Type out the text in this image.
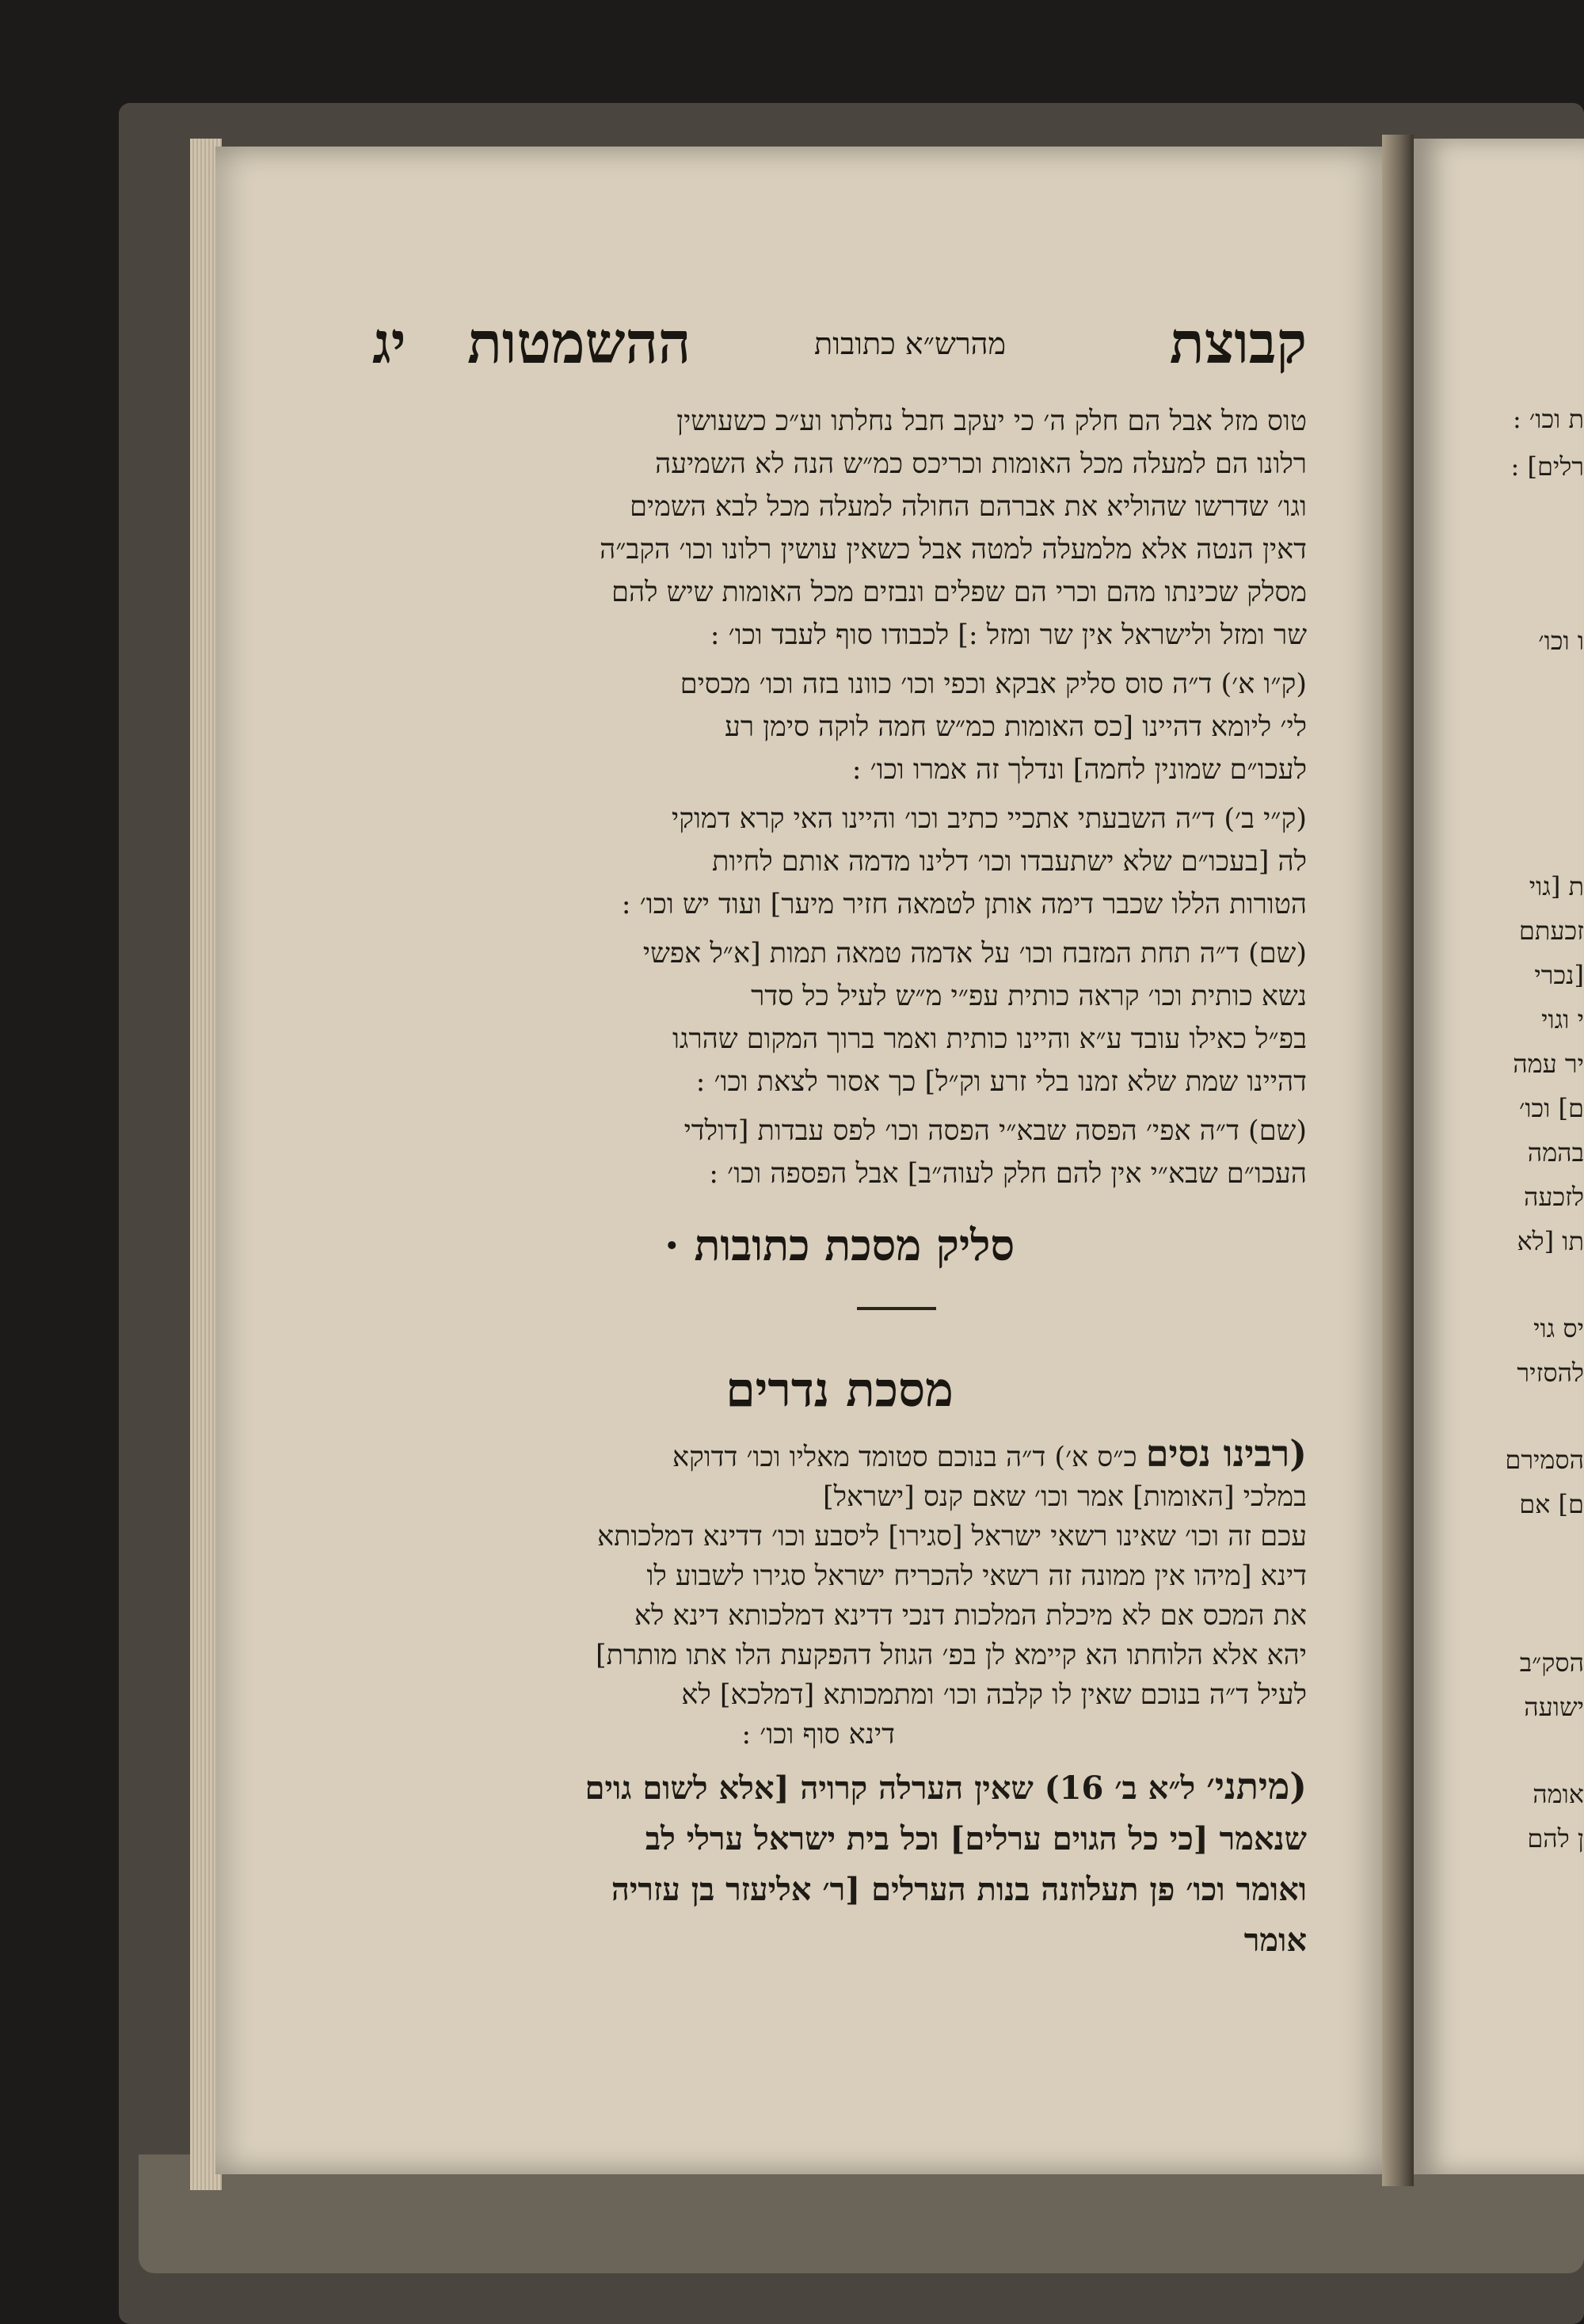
קבוצת
מהרש״א כתובות
ההשמטות
יג
טוס מזל אבל הם חלק ה׳ כי יעקב חבל נחלתו וע״כ כשעושין
רלונו הם למעלה מכל האומות וכריכס כמ״ש הנה לא השמיעה
וגו׳ שדרשו שהוליא את אברהם החולה למעלה מכל לבא השמים
דאין הנטה אלא מלמעלה למטה אבל כשאין עושין רלונו וכו׳ הקב״ה
מסלק שכינתו מהם וכרי הם שפלים ונבזים מכל האומות שיש להם
שר ומזל ולישראל אין שר ומזל :] לכבודו סוף לעבד וכו׳ :
(ק״ו א׳) ד״ה סוס סליק אבקא וכפי וכו׳ כוונו בזה וכו׳ מכסים
לי׳ ליומא דהיינו [כס האומות כמ״ש חמה לוקה סימן רע
לעכו״ם שמונין לחמה] ונדלך זה אמרו וכו׳ :
(ק״י ב׳) ד״ה השבעתי אתכיי כתיב וכו׳ והיינו האי קרא דמוקי
לה [בעכו״ם שלא ישתעבדו וכו׳ דלינו מדמה אותם לחיות
הטורות הללו שכבר דימה אותן לטמאה חזיר מיער] ועוד יש וכו׳ :
(שם) ד״ה תחת המזבח וכו׳ על אדמה טמאה תמות [א״ל אפשי
נשא כותית וכו׳ קראה כותית עפ״י מ״ש לעיל כל סדר
בפ״ל כאילו עובד ע״א והיינו כותית ואמר ברוך המקום שהרגו
דהיינו שמת שלא זמנו בלי זרע וק״ל] כך אסור לצאת וכו׳ :
(שם) ד״ה אפי׳ הפסה שבא״י הפסה וכו׳ לפס עבדות [דולדי
העכו״ם שבא״י אין להם חלק לעוה״ב] אבל הפספה וכו׳ :
סליק מסכת כתובות ·
מסכת נדרים
(רבינו נסים כ״ס א׳) ד״ה בנוכם סטומד מאליו וכו׳ דדוקא
במלכי [האומות] אמר וכו׳ שאם קנס [ישראל]
עכם זה וכו׳ שאינו רשאי ישראל [סגירו] ליסבע וכו׳ דדינא דמלכותא
דינא [מיהו אין ממונה זה רשאי להכריח ישראל סגירו לשבוע לו
את המכס אם לא מיכלת המלכות דנכי דדינא דמלכותא דינא לא
יהא אלא הלוחתו הא קיימא לן בפ׳ הגוזל דהפקעת הלו אתו מותרת]
לעיל ד״ה בנוכם שאין לו קלבה וכו׳ ומתמכותא [דמלכא] לא
דינא סוף וכו׳ :
(מיתני׳ ל״א ב׳ 16) שאין הערלה קרויה [אלא לשום גוים
שנאמר [כי כל הגוים ערלים] וכל בית ישראל ערלי לב
ואומר וכו׳ פן תעלוזנה בנות הערלים [ר׳ אליעזר בן עזריה
אומר
ת וכו׳ :
רלים] :
ו וכו׳
ת [גוי
זכעתם
[נכרי
י וגוי
יר עמה
ם] וכו׳
בהמה
לזכעה
תו [לא
יס גוי
להסזיר
הסמירם
ם] אם
הסק״ב
ישועה
אומה
ן להם
